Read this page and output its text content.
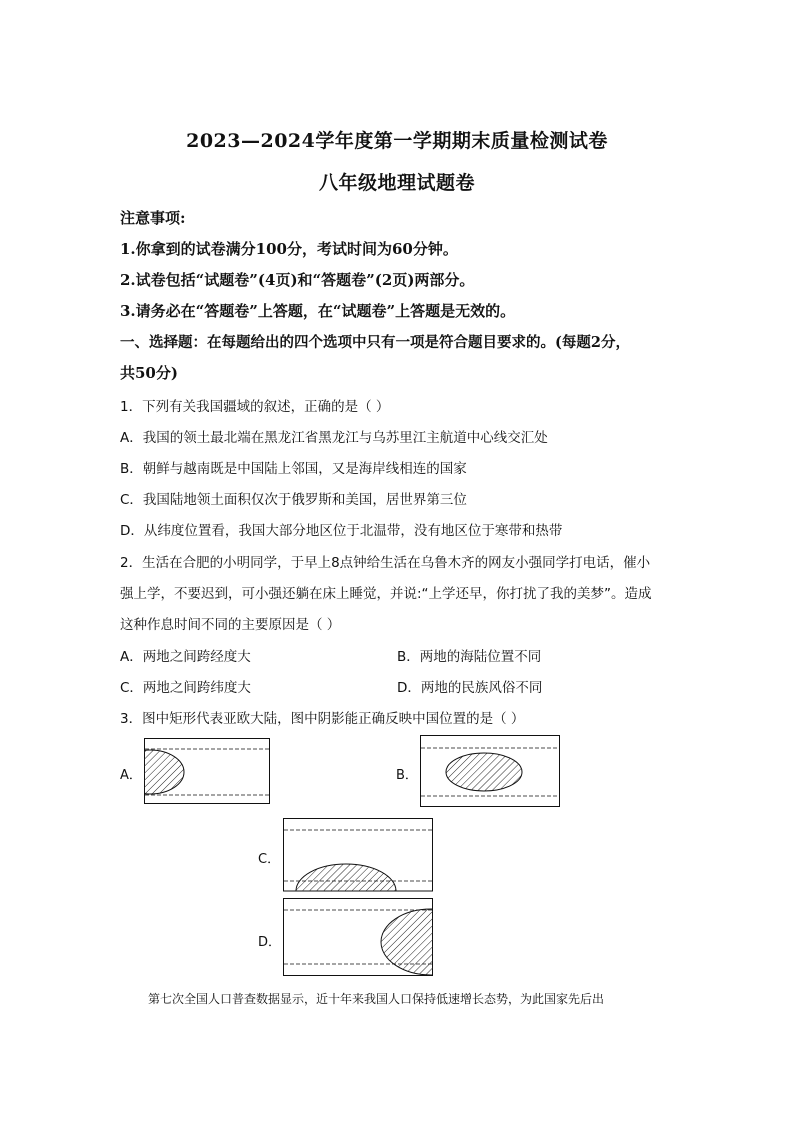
2023—2024学年度第一学期期末质量检测试卷
八年级地理试题卷
注意事项:
1.你拿到的试卷满分100分，考试时间为60分钟。
2.试卷包括“试题卷”(4页)和“答题卷”(2页)两部分。
3.请务必在“答题卷”上答题，在“试题卷”上答题是无效的。
一、选择题：在每题给出的四个选项中只有一项是符合题目要求的。(每题2分，
共50分)
1．下列有关我国疆域的叙述，正确的是（ ）
A．我国的领土最北端在黑龙江省黑龙江与乌苏里江主航道中心线交汇处
B．朝鲜与越南既是中国陆上邻国，又是海岸线相连的国家
C．我国陆地领土面积仅次于俄罗斯和美国，居世界第三位
D．从纬度位置看，我国大部分地区位于北温带，没有地区位于寒带和热带
2．生活在合肥的小明同学，于早上8点钟给生活在乌鲁木齐的网友小强同学打电话，催小
强上学，不要迟到，可小强还躺在床上睡觉，并说:“上学还早，你打扰了我的美梦”。造成
这种作息时间不同的主要原因是（ ）
A．两地之间跨经度大	B．两地的海陆位置不同
C．两地之间跨纬度大	D．两地的民族风俗不同
3．图中矩形代表亚欧大陆，图中阴影能正确反映中国位置的是（ ）
A．	B．
C．
D．
第七次全国人口普查数据显示，近十年来我国人口保持低速增长态势，为此国家先后出
